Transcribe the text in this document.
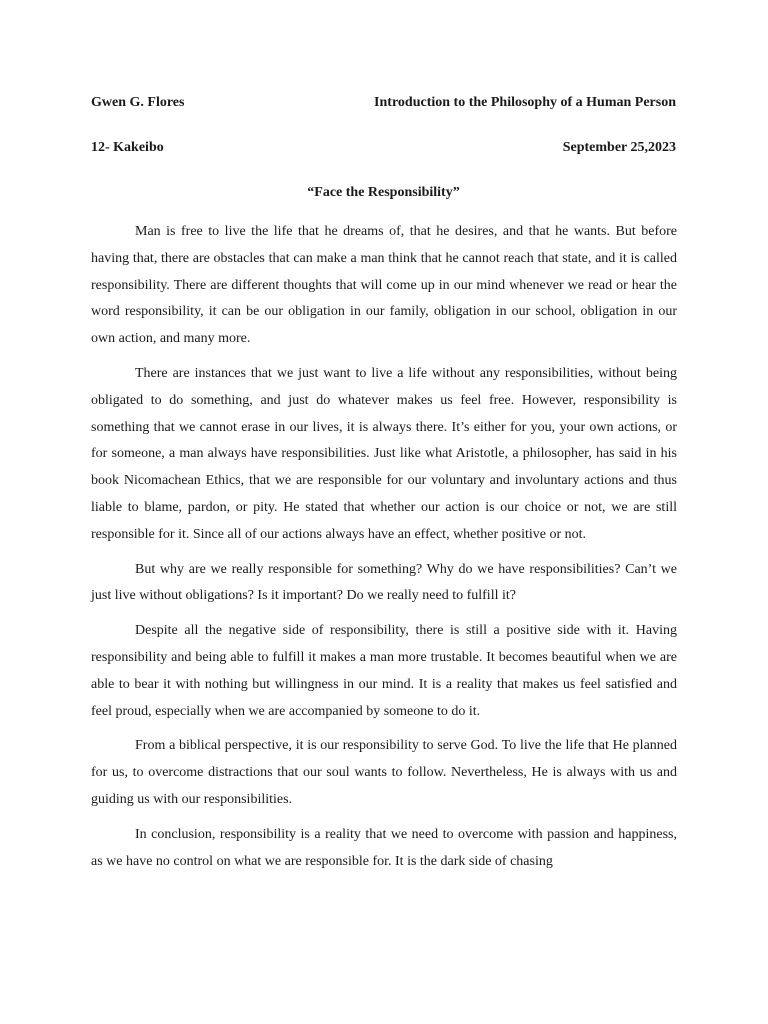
Gwen G. Flores	Introduction to the Philosophy of a Human Person
12- Kakeibo	September 25,2023
“Face the Responsibility”

Man is free to live the life that he dreams of, that he desires, and that he wants. But before having that, there are obstacles that can make a man think that he cannot reach that state, and it is called responsibility. There are different thoughts that will come up in our mind whenever we read or hear the word responsibility, it can be our obligation in our family, obligation in our school, obligation in our own action, and many more.

There are instances that we just want to live a life without any responsibilities, without being obligated to do something, and just do whatever makes us feel free. However, responsibility is something that we cannot erase in our lives, it is always there. It’s either for you, your own actions, or for someone, a man always have responsibilities. Just like what Aristotle, a philosopher, has said in his book Nicomachean Ethics, that we are responsible for our voluntary and involuntary actions and thus liable to blame, pardon, or pity. He stated that whether our action is our choice or not, we are still responsible for it. Since all of our actions always have an effect, whether positive or not.

But why are we really responsible for something? Why do we have responsibilities? Can’t we just live without obligations? Is it important? Do we really need to fulfill it?

Despite all the negative side of responsibility, there is still a positive side with it. Having responsibility and being able to fulfill it makes a man more trustable. It becomes beautiful when we are able to bear it with nothing but willingness in our mind. It is a reality that makes us feel satisfied and feel proud, especially when we are accompanied by someone to do it.

From a biblical perspective, it is our responsibility to serve God. To live the life that He planned for us, to overcome distractions that our soul wants to follow. Nevertheless, He is always with us and guiding us with our responsibilities.

In conclusion, responsibility is a reality that we need to overcome with passion and happiness, as we have no control on what we are responsible for. It is the dark side of chasing
